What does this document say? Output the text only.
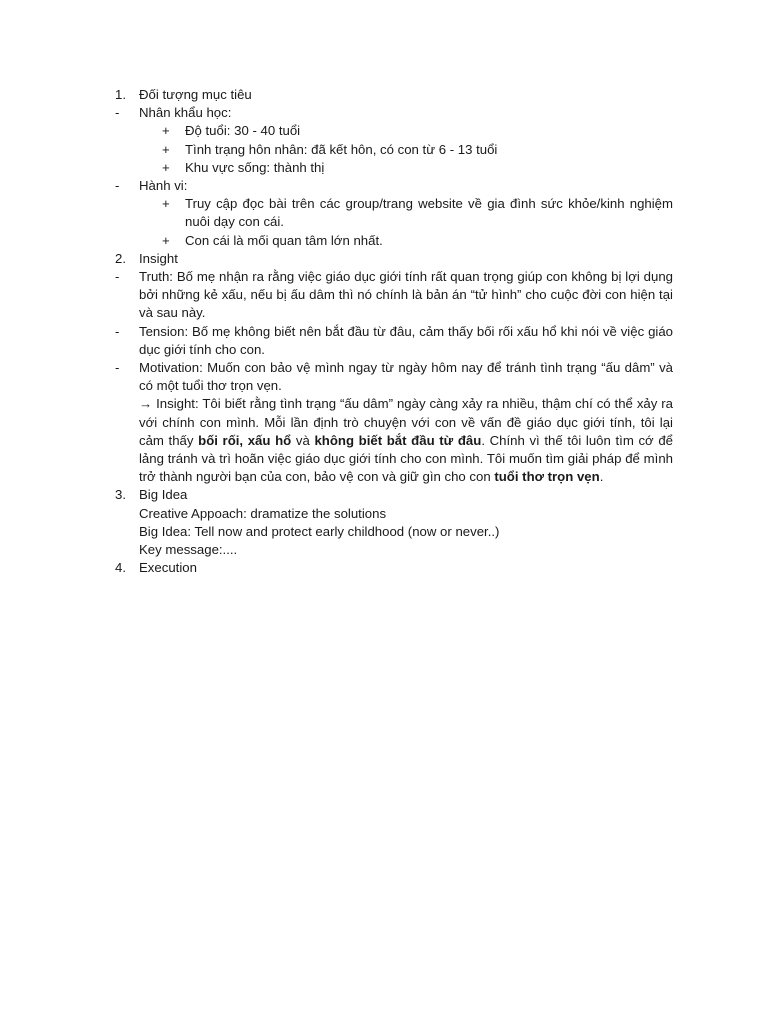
1. Đối tượng mục tiêu
-	Nhân khẩu học:
+	Độ tuổi: 30 - 40 tuổi
+	Tình trạng hôn nhân: đã kết hôn, có con từ 6 - 13 tuổi
+	Khu vực sống: thành thị
-	Hành vi:
+	Truy cập đọc bài trên các group/trang website về gia đình sức khỏe/kinh nghiệm nuôi dạy con cái.
+	Con cái là mối quan tâm lớn nhất.
2. Insight
-	Truth: Bố mẹ nhận ra rằng việc giáo dục giới tính rất quan trọng giúp con không bị lợi dụng bởi những kẻ xấu, nếu bị ấu dâm thì nó chính là bản án “tử hình” cho cuộc đời con hiện tại và sau này.
-	Tension: Bố mẹ không biết nên bắt đầu từ đâu, cảm thấy bối rối xấu hổ khi nói về việc giáo dục giới tính cho con.
-	Motivation: Muốn con bảo vệ mình ngay từ ngày hôm nay để tránh tình trạng “ấu dâm” và có một tuổi thơ trọn vẹn.
→ Insight: Tôi biết rằng tình trạng “ấu dâm” ngày càng xảy ra nhiều, thậm chí có thể xảy ra với chính con mình. Mỗi lần định trò chuyện với con về vấn đề giáo dục giới tính, tôi lại cảm thấy bối rối, xấu hổ và không biết bắt đầu từ đâu. Chính vì thế tôi luôn tìm cớ để lảng tránh và trì hoãn việc giáo dục giới tính cho con mình. Tôi muốn tìm giải pháp để mình trở thành người bạn của con, bảo vệ con và giữ gìn cho con tuổi thơ trọn vẹn.
3. Big Idea
Creative Appoach: dramatize the solutions
Big Idea: Tell now and protect early childhood (now or never..)
Key message:....
4. Execution
